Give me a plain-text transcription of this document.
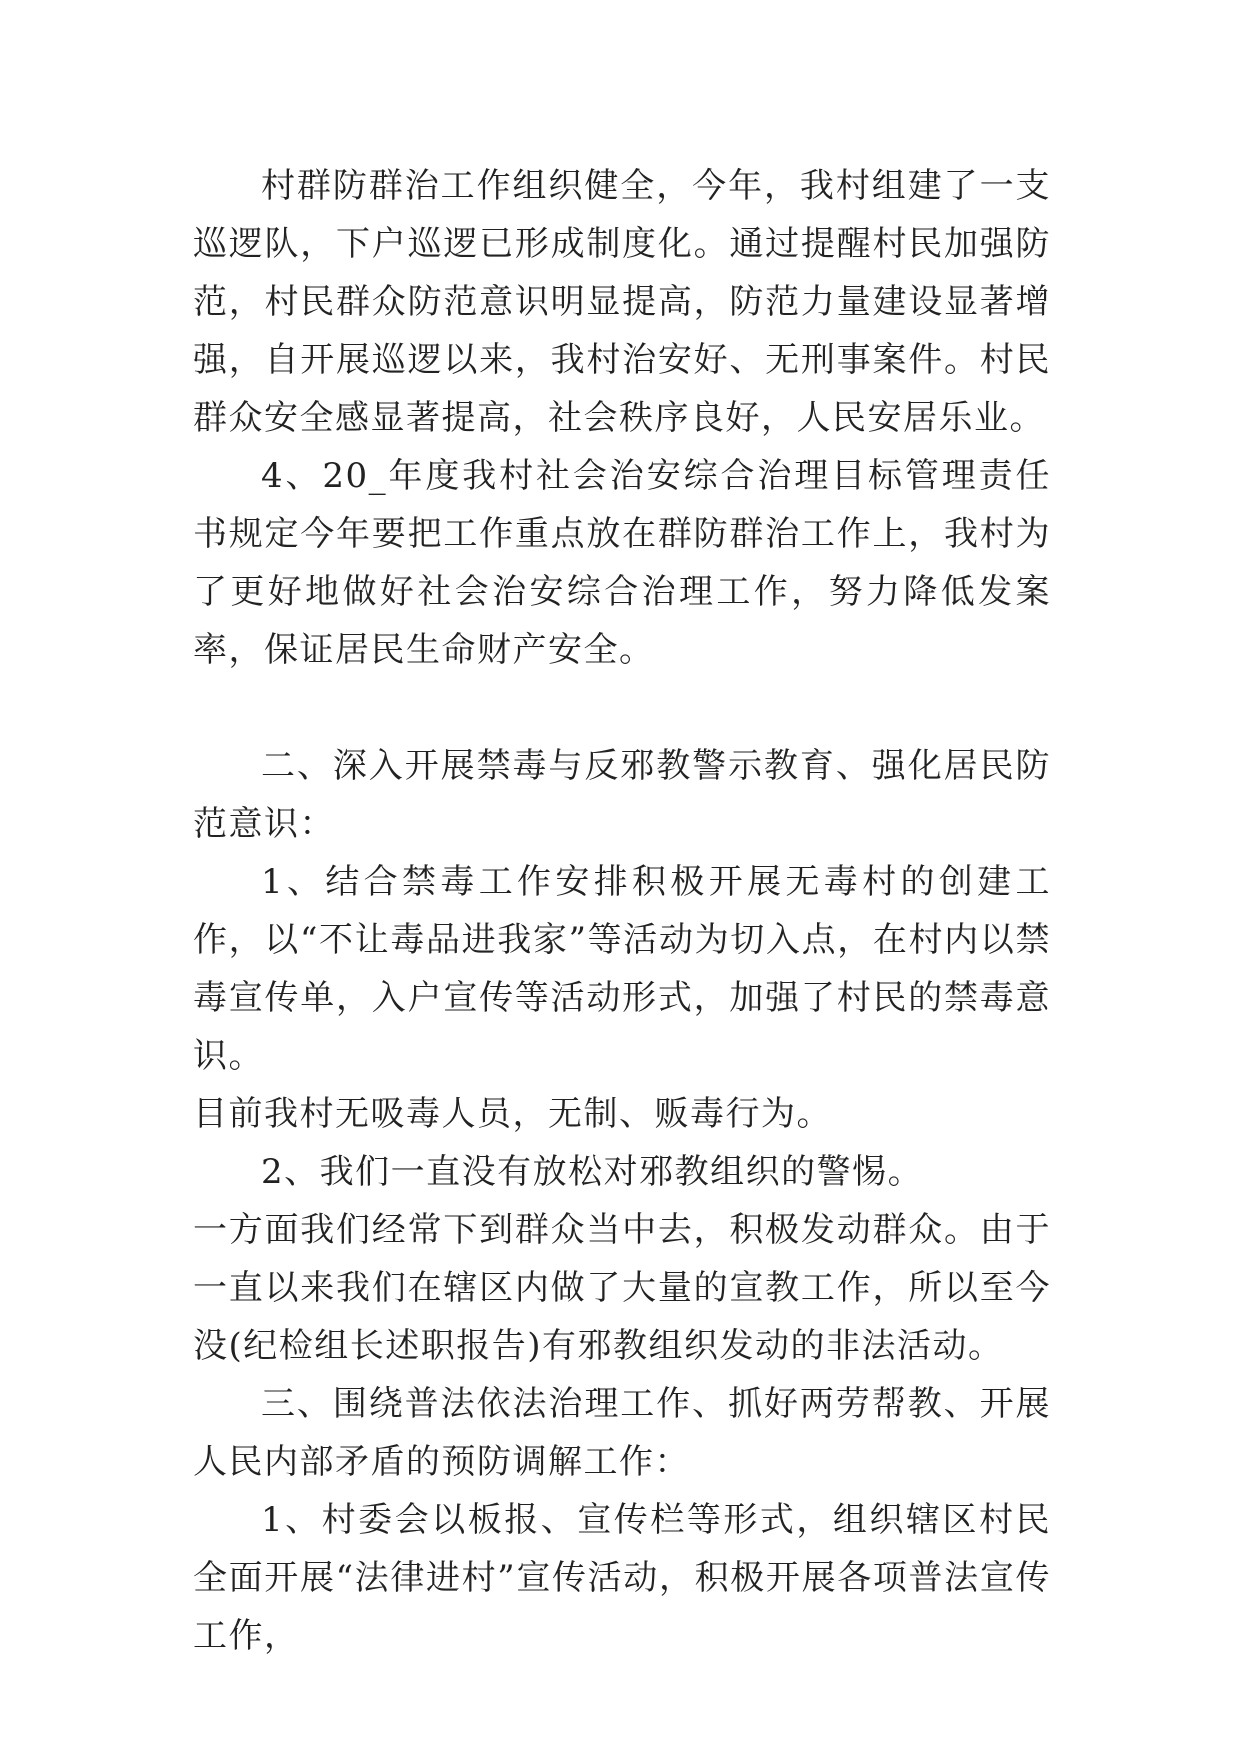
村群防群治工作组织健全，今年，我村组建了一支巡逻队，下户巡逻已形成制度化。通过提醒村民加强防范，村民群众防范意识明显提高，防范力量建设显著增强，自开展巡逻以来，我村治安好、无刑事案件。村民群众安全感显著提高，社会秩序良好，人民安居乐业。

4、20_年度我村社会治安综合治理目标管理责任书规定今年要把工作重点放在群防群治工作上，我村为了更好地做好社会治安综合治理工作，努力降低发案率，保证居民生命财产安全。

二、深入开展禁毒与反邪教警示教育、强化居民防范意识：

1、结合禁毒工作安排积极开展无毒村的创建工作，以“不让毒品进我家”等活动为切入点，在村内以禁毒宣传单，入户宣传等活动形式，加强了村民的禁毒意识。

目前我村无吸毒人员，无制、贩毒行为。

2、我们一直没有放松对邪教组织的警惕。

一方面我们经常下到群众当中去，积极发动群众。由于一直以来我们在辖区内做了大量的宣教工作，所以至今没(纪检组长述职报告)有邪教组织发动的非法活动。

三、围绕普法依法治理工作、抓好两劳帮教、开展人民内部矛盾的预防调解工作：

1、村委会以板报、宣传栏等形式，组织辖区村民全面开展“法律进村”宣传活动，积极开展各项普法宣传工作，
